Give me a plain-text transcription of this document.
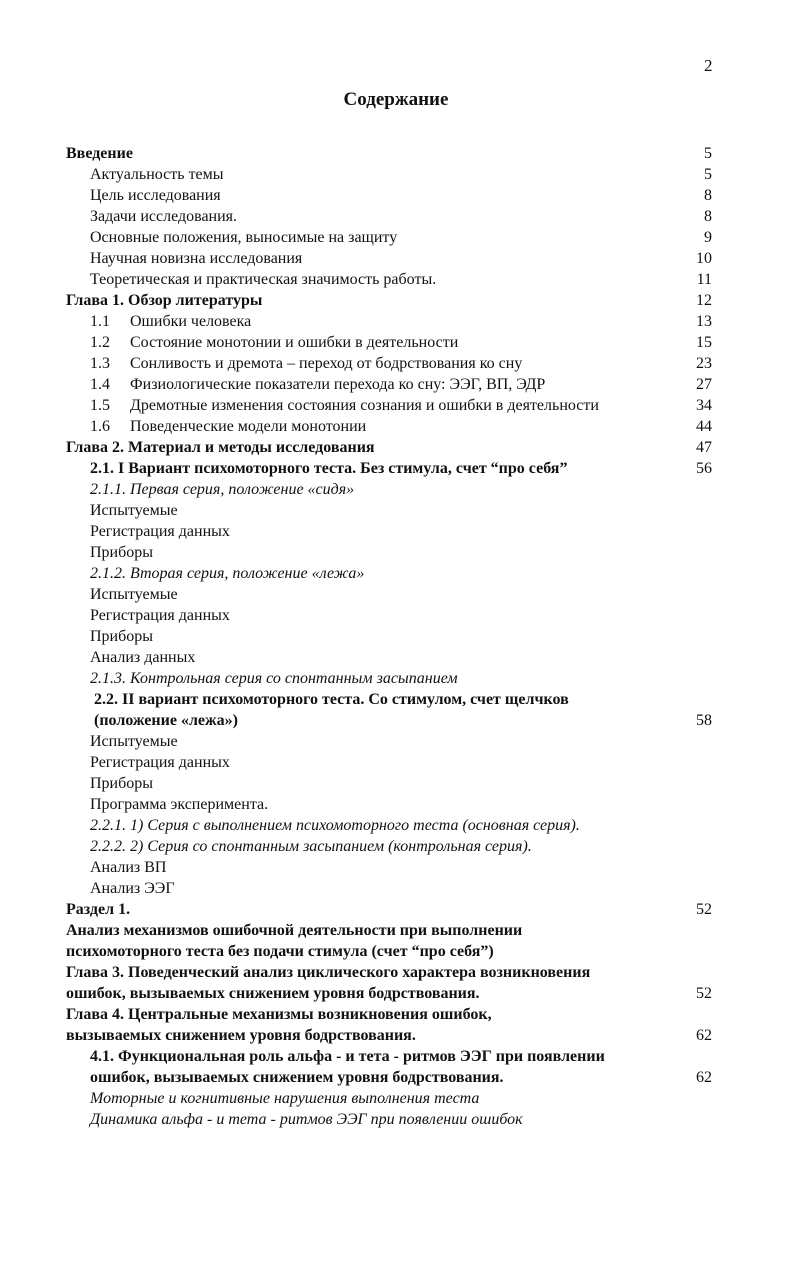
2
Содержание
Введение	5
Актуальность темы	5
Цель исследования	8
Задачи исследования.	8
Основные положения, выносимые на защиту	9
Научная новизна исследования	10
Теоретическая и практическая значимость работы.	11
Глава 1. Обзор литературы	12
1.1 Ошибки человека	13
1.2 Состояние монотонии и ошибки в деятельности	15
1.3 Сонливость и дремота – переход от бодрствования ко сну	23
1.4 Физиологические показатели перехода ко сну: ЭЭГ, ВП, ЭДР	27
1.5 Дремотные изменения состояния сознания и ошибки в деятельности	34
1.6 Поведенческие модели монотонии	44
Глава 2. Материал и методы исследования	47
2.1. I Вариант психомоторного теста. Без стимула, счет “про себя”	56
2.1.1. Первая серия, положение «сидя»
Испытуемые
Регистрация данных
Приборы
2.1.2. Вторая серия, положение «лежа»
Испытуемые
Регистрация данных
Приборы
Анализ данных
2.1.3. Контрольная серия со спонтанным засыпанием
2.2. II вариант психомоторного теста. Со стимулом, счет щелчков
(положение «лежа»)	58
Испытуемые
Регистрация данных
Приборы
Программа эксперимента.
2.2.1. 1) Серия с выполнением психомоторного теста (основная серия).
2.2.2. 2) Серия со спонтанным засыпанием (контрольная серия).
Анализ ВП
Анализ ЭЭГ
Раздел 1.	52
Анализ механизмов ошибочной деятельности при выполнении
психомоторного теста без подачи стимула (счет “про себя”)
Глава 3. Поведенческий анализ циклического характера возникновения
ошибок, вызываемых снижением уровня бодрствования.	52
Глава 4. Центральные механизмы возникновения ошибок,
вызываемых снижением уровня бодрствования.	62
4.1. Функциональная роль альфа - и тета - ритмов ЭЭГ при появлении
ошибок, вызываемых снижением уровня бодрствования.	62
Моторные и когнитивные нарушения выполнения теста
Динамика альфа - и тета - ритмов ЭЭГ при появлении ошибок
